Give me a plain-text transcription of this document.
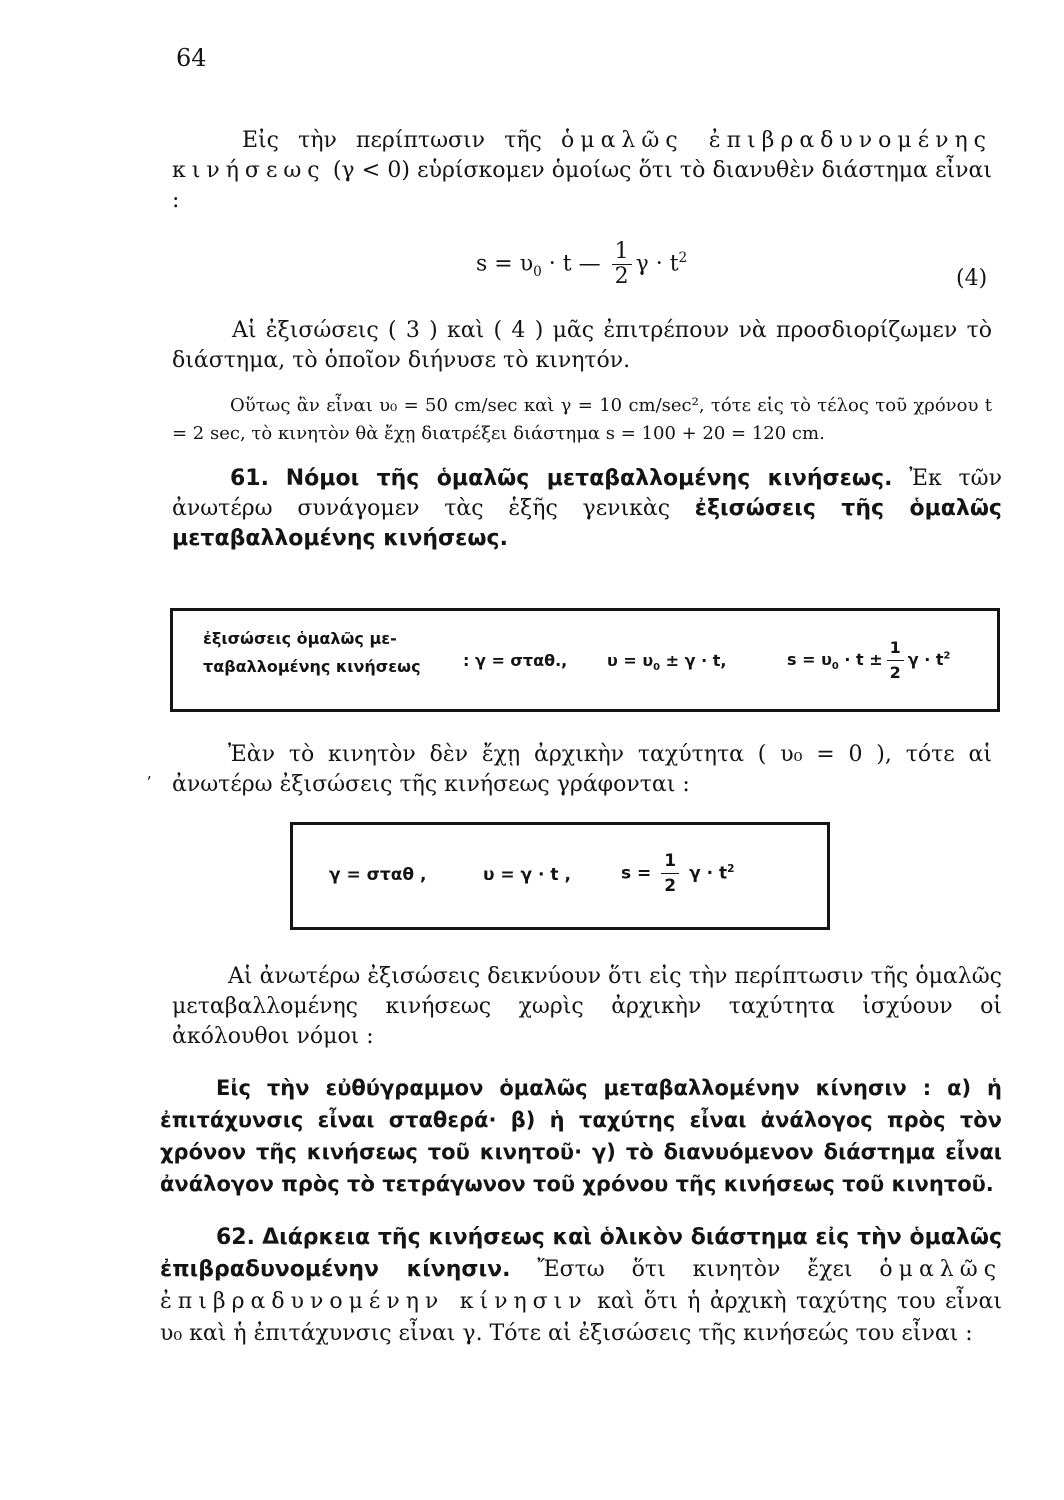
64
Εἰς τὴν περίπτωσιν τῆς ὁμαλῶς ἐπιβραδυνομένης κινήσεως (γ < 0) εὑρίσκομεν ὁμοίως ὅτι τὸ διανυθὲν διάστημα εἶναι :
$s = \upsilon_0 \cdot t$ — $\frac{1}{2}$ $\gamma \cdot t^2$
(4)
Αἱ ἐξισώσεις ( 3 ) καὶ ( 4 ) μᾶς ἐπιτρέπουν νὰ προσδιορίζωμεν τὸ διάστημα, τὸ ὁποῖον διήνυσε τὸ κινητόν.
Οὕτως ἂν εἶναι υ₀ = 50 cm/sec καὶ γ = 10 cm/sec², τότε εἰς τὸ τέλος τοῦ χρόνου t = 2 sec, τὸ κινητὸν θὰ ἔχῃ διατρέξει διάστημα s = 100 + 20 = 120 cm.
61. Νόμοι τῆς ὁμαλῶς μεταβαλλομένης κινήσεως. Ἐκ τῶν ἀνωτέρω συνάγομεν τὰς ἑξῆς γενικὰς ἐξισώσεις τῆς ὁμαλῶς μεταβαλλομένης κινήσεως.
ἐξισώσεις ὁμαλῶς με-
ταβαλλομένης κινήσεως	: γ = σταθ., $\upsilon = \upsilon_0 \pm \gamma \cdot t$,	$s = \upsilon_0 \cdot t \pm \frac{1}{2}$ $\gamma \cdot t^2$
ʼ
Ἐὰν τὸ κινητὸν δὲν ἔχῃ ἀρχικὴν ταχύτητα ( υ₀ = 0 ), τότε αἱ ἀνωτέρω ἐξισώσεις τῆς κινήσεως γράφονται :
γ = σταθ ,	υ = γ · t ,	$s = \frac{1}{2}$ $\gamma \cdot t^2$
Αἱ ἀνωτέρω ἐξισώσεις δεικνύουν ὅτι εἰς τὴν περίπτωσιν τῆς ὁμαλῶς μεταβαλλομένης κινήσεως χωρὶς ἀρχικὴν ταχύτητα ἰσχύουν οἱ ἀκόλουθοι νόμοι :
Εἰς τὴν εὐθύγραμμον ὁμαλῶς μεταβαλλομένην κίνησιν : α) ἡ ἐπιτάχυνσις εἶναι σταθερά· β) ἡ ταχύτης εἶναι ἀνάλογος πρὸς τὸν χρόνον τῆς κινήσεως τοῦ κινητοῦ· γ) τὸ διανυόμενον διάστημα εἶναι ἀνάλογον πρὸς τὸ τετράγωνον τοῦ χρόνου τῆς κινήσεως τοῦ κινητοῦ.
62. Διάρκεια τῆς κινήσεως καὶ ὁλικὸν διάστημα εἰς τὴν ὁμαλῶς ἐπιβραδυνομένην κίνησιν. Ἔστω ὅτι κινητὸν ἔχει ὁμαλῶς ἐπιβραδυνομένην κίνησιν καὶ ὅτι ἡ ἀρχικὴ ταχύτης του εἶναι υ₀ καὶ ἡ ἐπιτάχυνσις εἶναι γ. Τότε αἱ ἐξισώσεις τῆς κινήσεώς του εἶναι :
